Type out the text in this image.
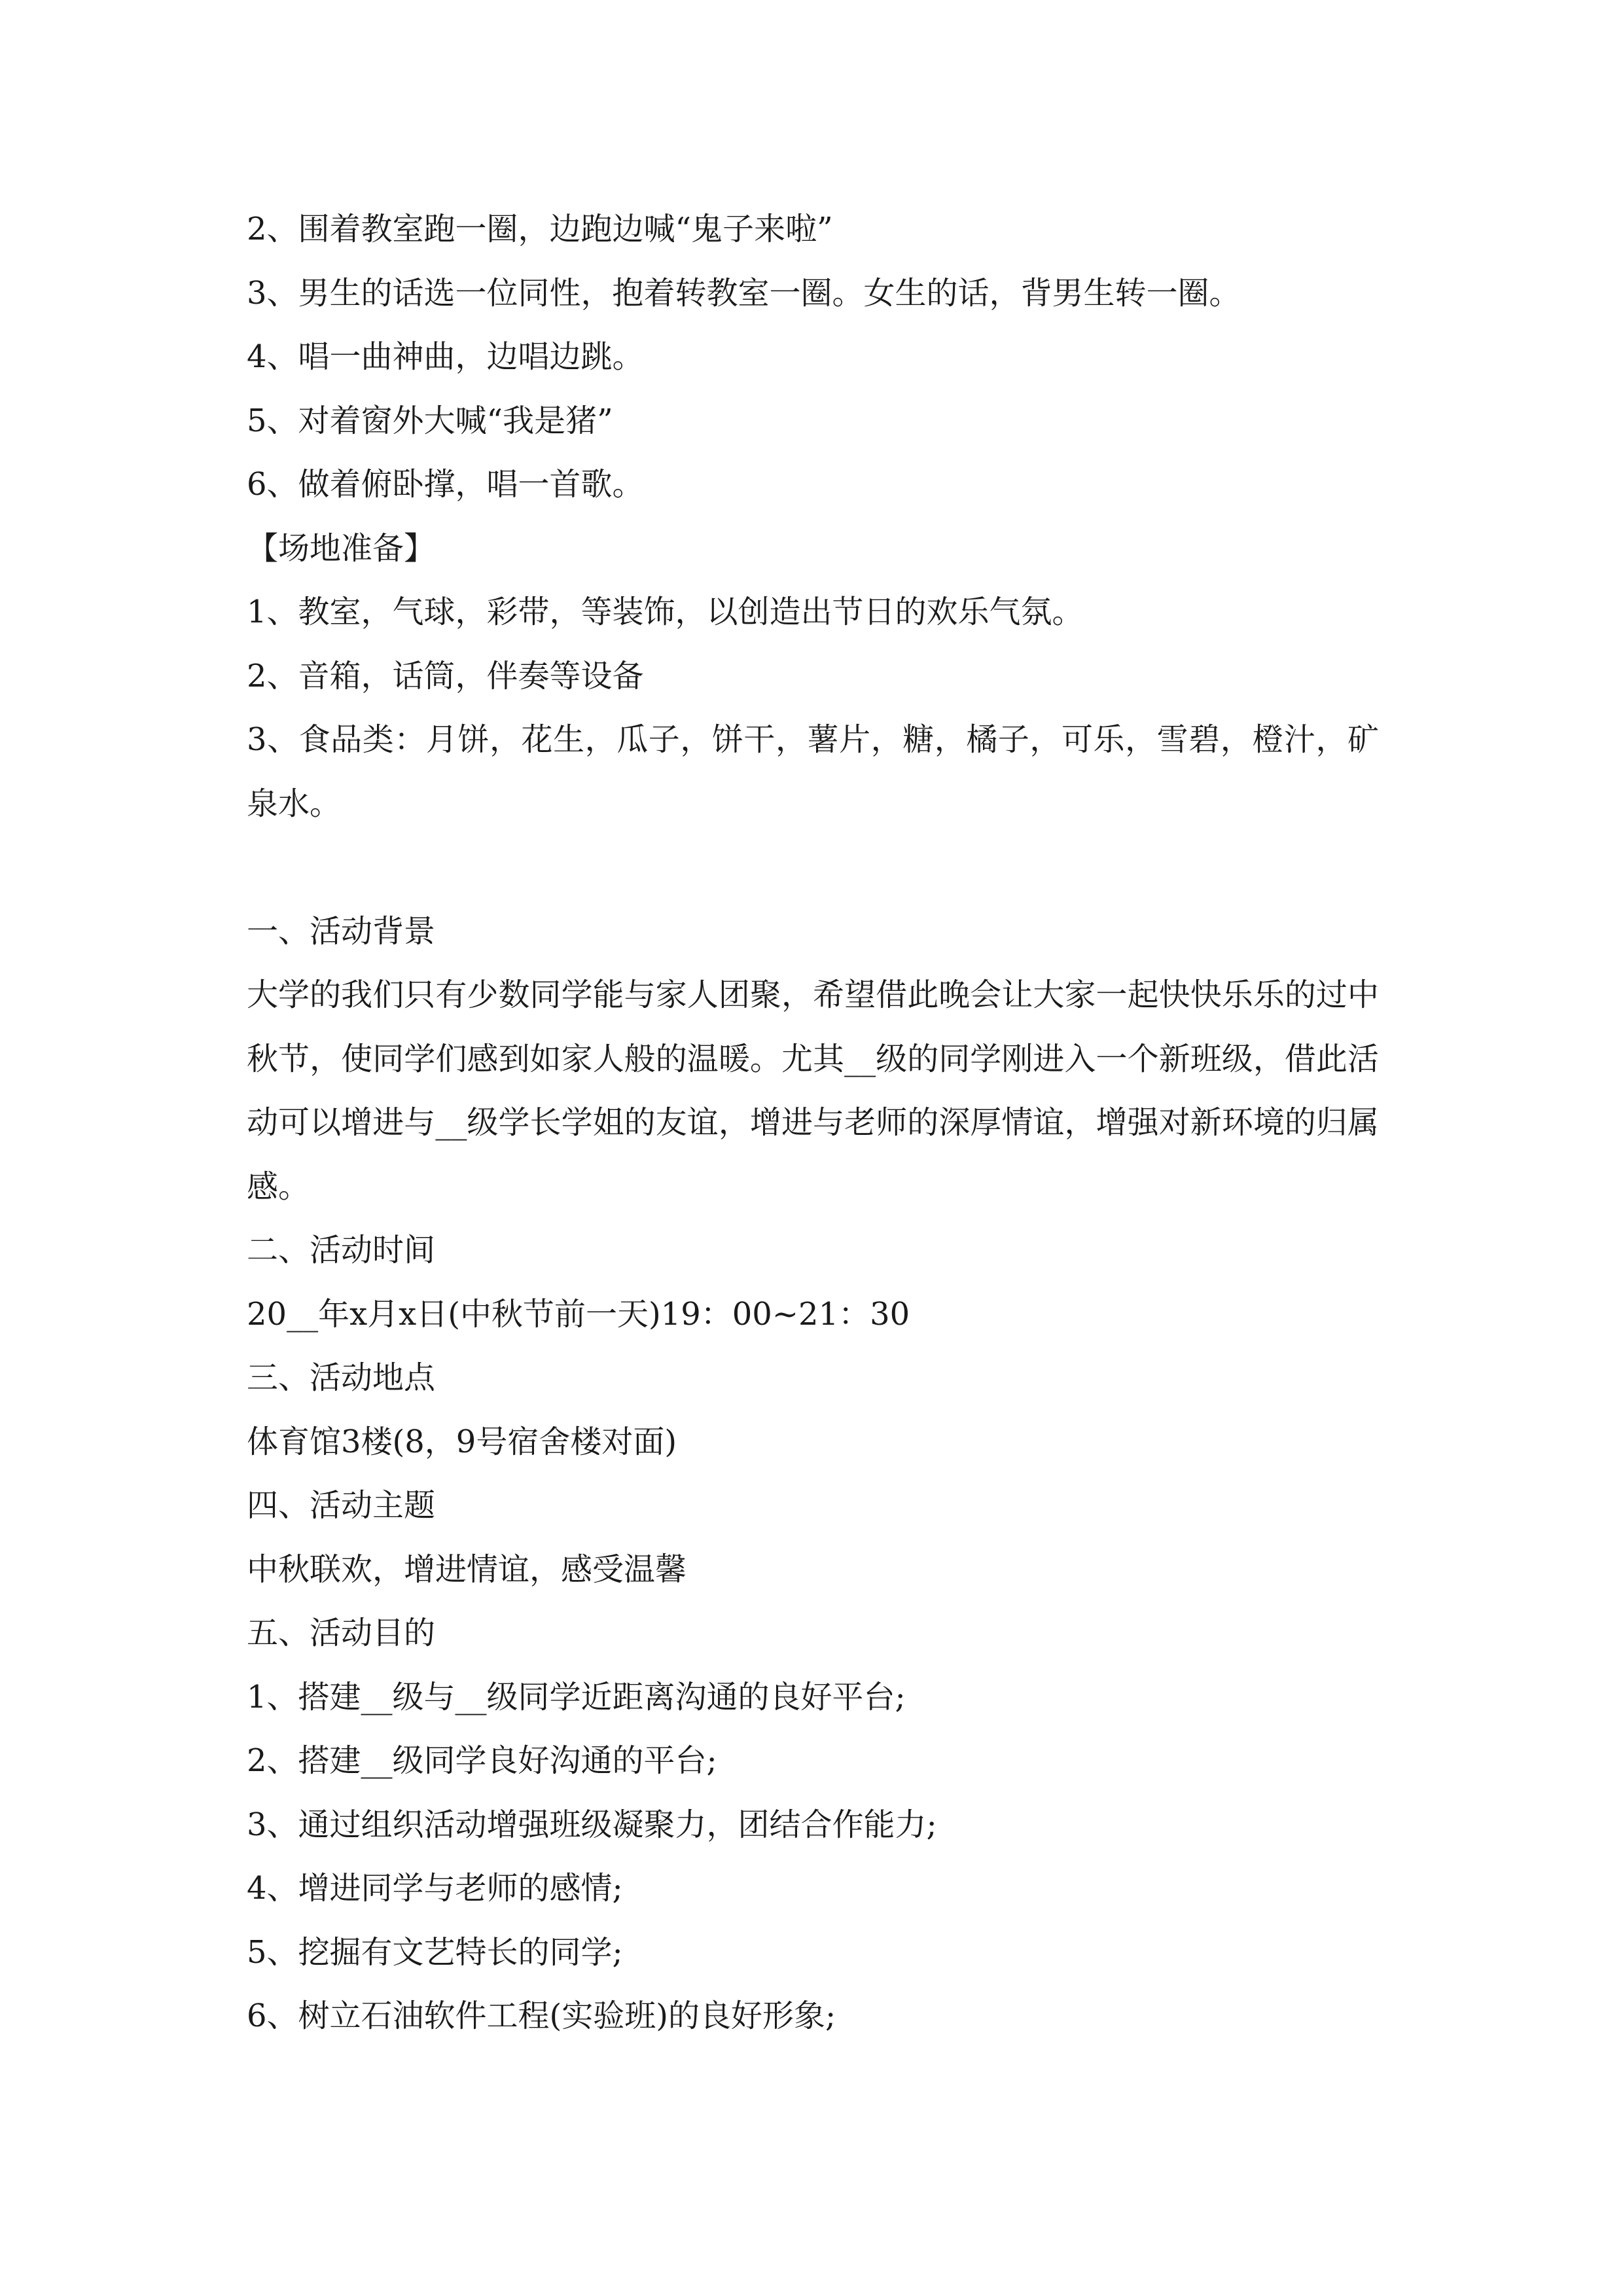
2、围着教室跑一圈，边跑边喊“鬼子来啦”
3、男生的话选一位同性，抱着转教室一圈。女生的话，背男生转一圈。
4、唱一曲神曲，边唱边跳。
5、对着窗外大喊“我是猪”
6、做着俯卧撑，唱一首歌。
【场地准备】
1、教室，气球，彩带，等装饰，以创造出节日的欢乐气氛。
2、音箱，话筒，伴奏等设备
3、食品类：月饼，花生，瓜子，饼干，薯片，糖，橘子，可乐，雪碧，橙汁，矿泉水。
一、活动背景
大学的我们只有少数同学能与家人团聚，希望借此晚会让大家一起快快乐乐的过中秋节，使同学们感到如家人般的温暖。尤其__级的同学刚进入一个新班级，借此活动可以增进与__级学长学姐的友谊，增进与老师的深厚情谊，增强对新环境的归属感。
二、活动时间
20__年x月x日(中秋节前一天)19：00~21：30
三、活动地点
体育馆3楼(8，9号宿舍楼对面)
四、活动主题
中秋联欢，增进情谊，感受温馨
五、活动目的
1、搭建__级与__级同学近距离沟通的良好平台;
2、搭建__级同学良好沟通的平台;
3、通过组织活动增强班级凝聚力，团结合作能力;
4、增进同学与老师的感情;
5、挖掘有文艺特长的同学;
6、树立石油软件工程(实验班)的良好形象;
